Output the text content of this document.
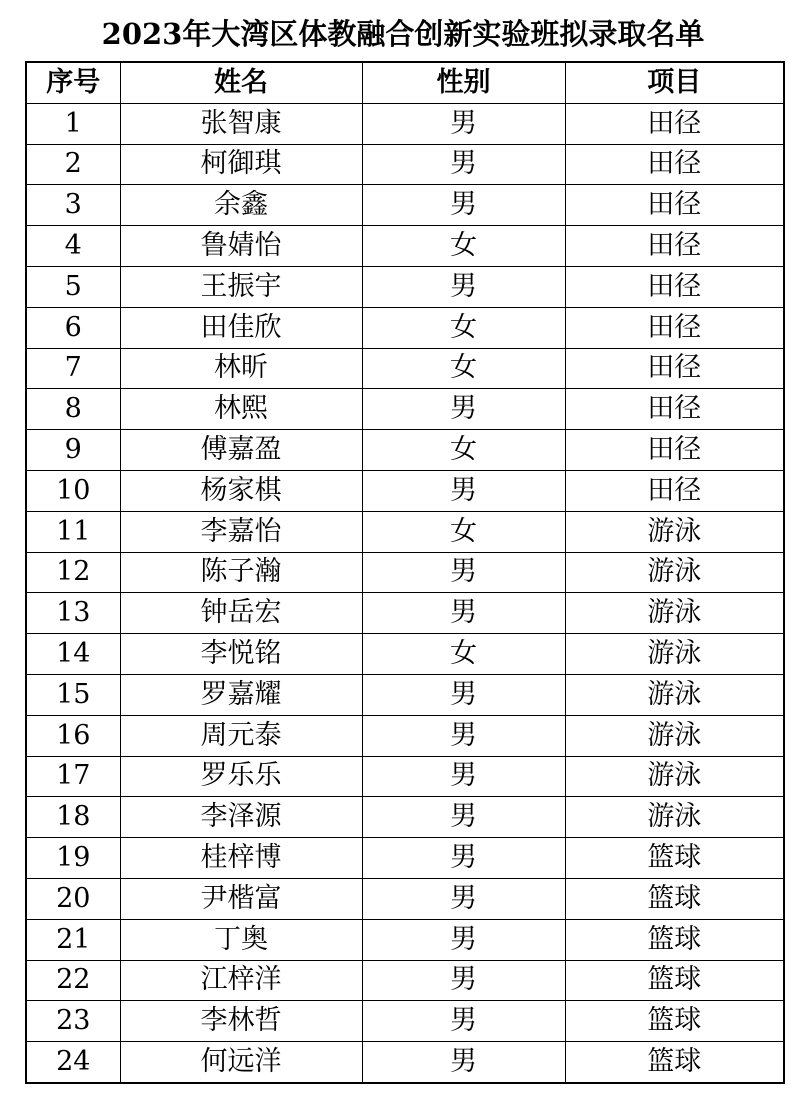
2023年大湾区体教融合创新实验班拟录取名单
序号	姓名	性别	项目
1	张智康	男	田径
2	柯御琪	男	田径
3	余鑫	男	田径
4	鲁婧怡	女	田径
5	王振宇	男	田径
6	田佳欣	女	田径
7	林昕	女	田径
8	林熙	男	田径
9	傅嘉盈	女	田径
10	杨家棋	男	田径
11	李嘉怡	女	游泳
12	陈子瀚	男	游泳
13	钟岳宏	男	游泳
14	李悦铭	女	游泳
15	罗嘉耀	男	游泳
16	周元泰	男	游泳
17	罗乐乐	男	游泳
18	李泽源	男	游泳
19	桂梓博	男	篮球
20	尹楷富	男	篮球
21	丁奥	男	篮球
22	江梓洋	男	篮球
23	李林哲	男	篮球
24	何远洋	男	篮球
